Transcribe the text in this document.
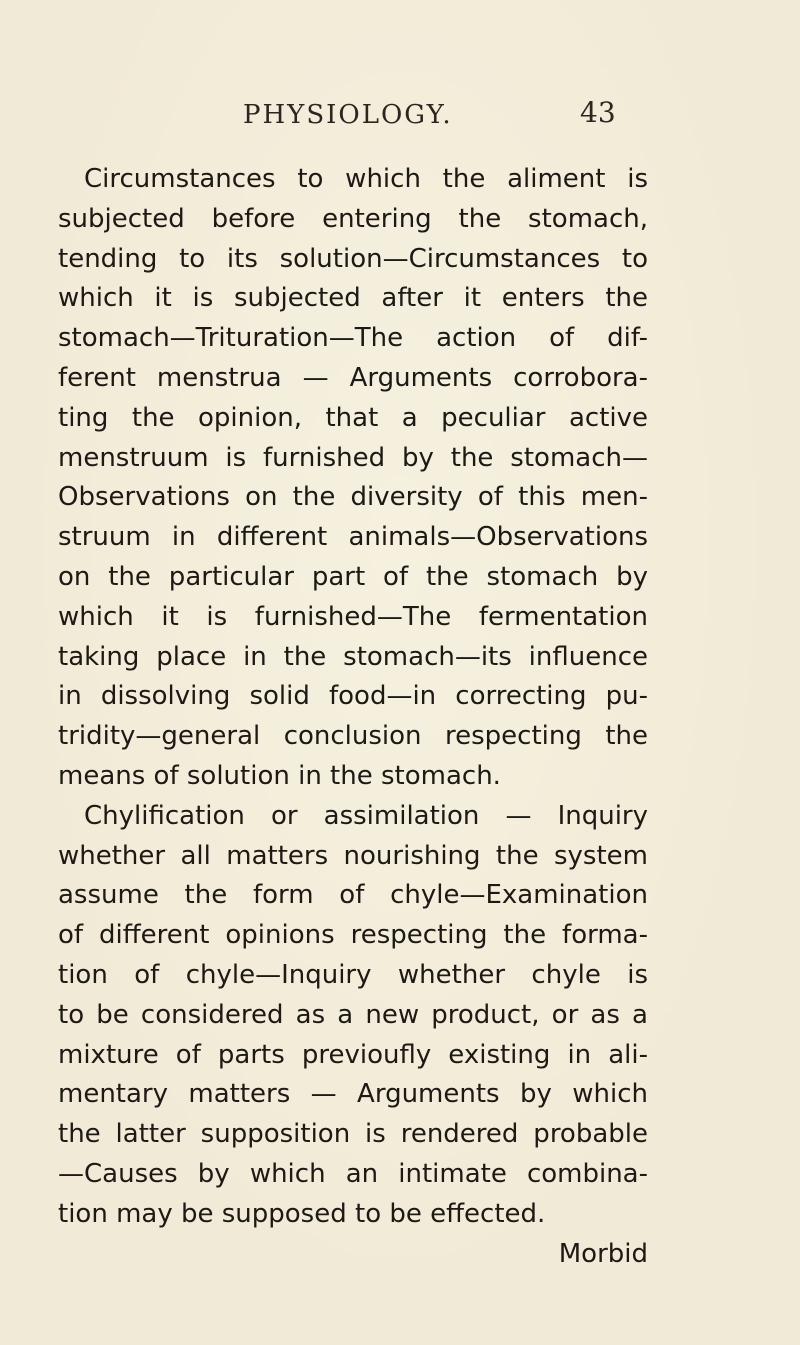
PHYSIOLOGY.	43
Circumstances to which the aliment is
subjected before entering the stomach,
tending to its solution—Circumstances to
which it is subjected after it enters the
stomach—Trituration—The action of dif-
ferent menstrua — Arguments corrobora-
ting the opinion, that a peculiar active
menstruum is furnished by the stomach—
Observations on the diversity of this men-
struum in different animals—Observations
on the particular part of the stomach by
which it is furnished—The fermentation
taking place in the stomach—its influence
in dissolving solid food—in correcting pu-
tridity—general conclusion respecting the
means of solution in the stomach.
Chylification or assimilation — Inquiry
whether all matters nourishing the system
assume the form of chyle—Examination
of different opinions respecting the forma-
tion of chyle—Inquiry whether chyle is
to be considered as a new product, or as a
mixture of parts previoufly existing in ali-
mentary matters — Arguments by which
the latter supposition is rendered probable
—Causes by which an intimate combina-
tion may be supposed to be effected.
Morbid
